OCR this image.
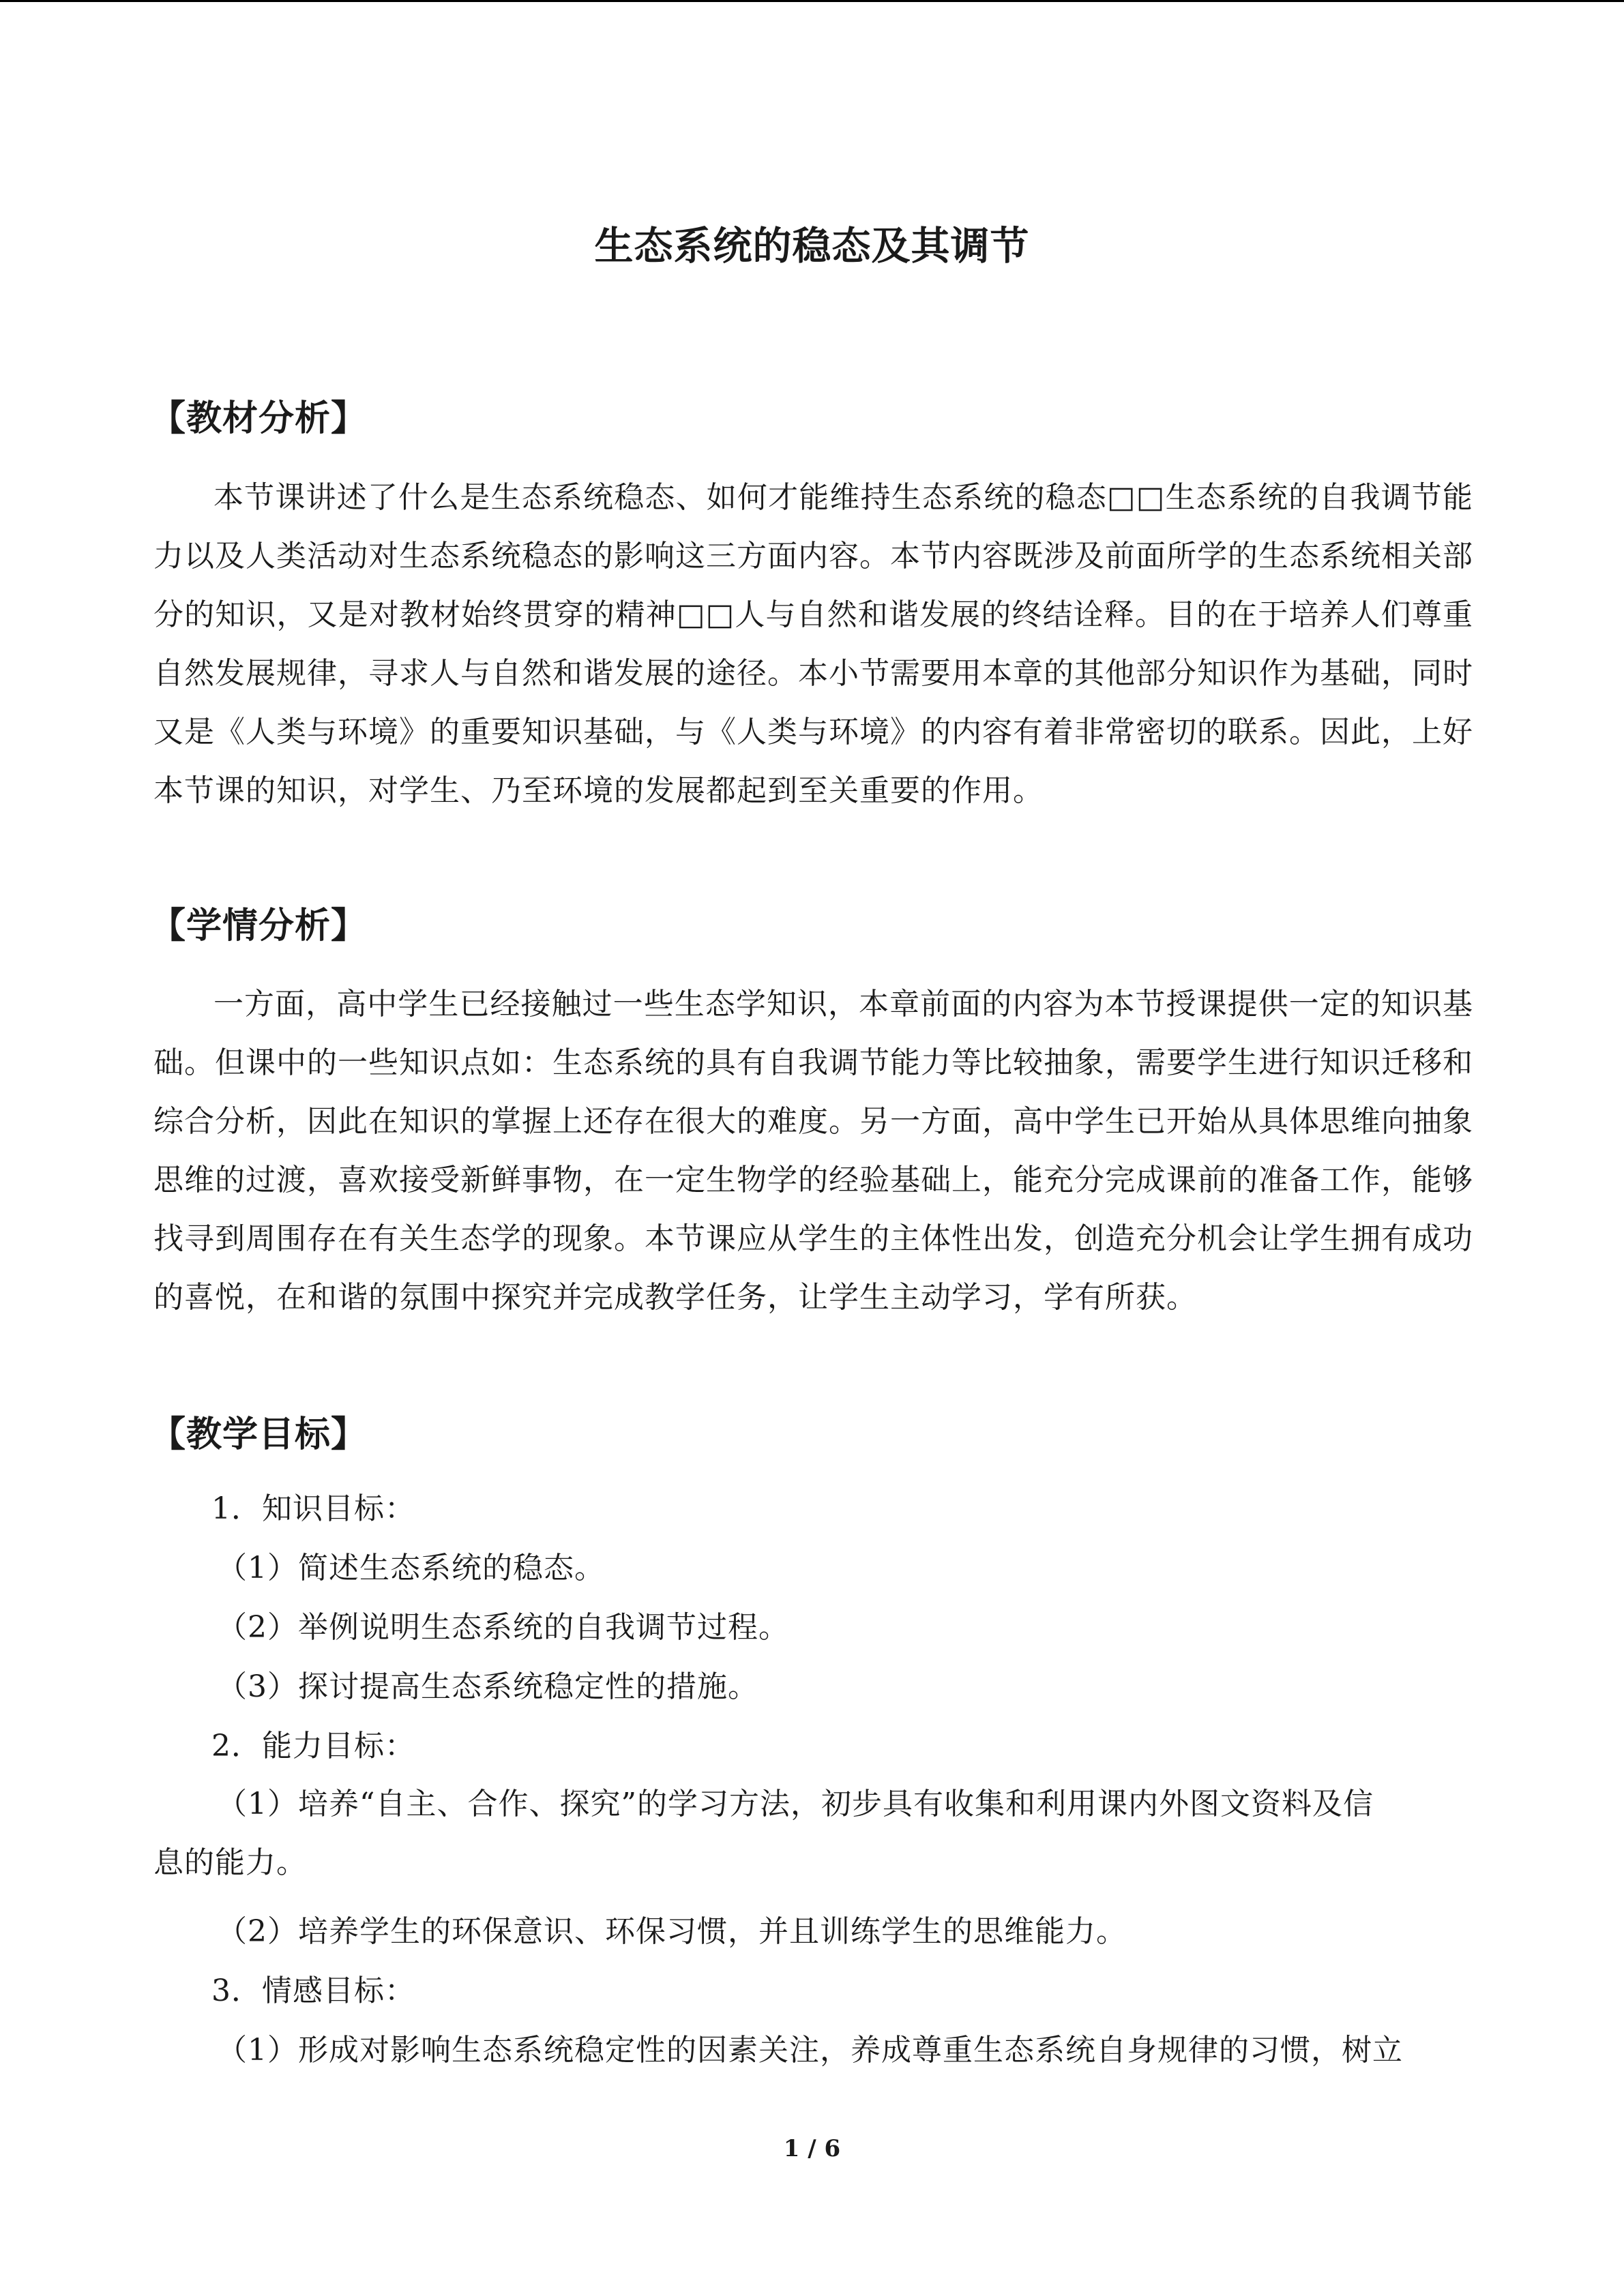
生态系统的稳态及其调节
【教材分析】
本节课讲述了什么是生态系统稳态、如何才能维持生态系统的稳态□□生态系统的自我调节能力以及人类活动对生态系统稳态的影响这三方面内容。本节内容既涉及前面所学的生态系统相关部分的知识，又是对教材始终贯穿的精神□□人与自然和谐发展的终结诠释。目的在于培养人们尊重自然发展规律，寻求人与自然和谐发展的途径。本小节需要用本章的其他部分知识作为基础，同时又是《人类与环境》的重要知识基础，与《人类与环境》的内容有着非常密切的联系。因此，上好本节课的知识，对学生、乃至环境的发展都起到至关重要的作用。
【学情分析】
一方面，高中学生已经接触过一些生态学知识，本章前面的内容为本节授课提供一定的知识基础。但课中的一些知识点如：生态系统的具有自我调节能力等比较抽象，需要学生进行知识迁移和综合分析，因此在知识的掌握上还存在很大的难度。另一方面，高中学生已开始从具体思维向抽象思维的过渡，喜欢接受新鲜事物，在一定生物学的经验基础上，能充分完成课前的准备工作，能够找寻到周围存在有关生态学的现象。本节课应从学生的主体性出发，创造充分机会让学生拥有成功的喜悦，在和谐的氛围中探究并完成教学任务，让学生主动学习，学有所获。
【教学目标】
1．知识目标：
（1）简述生态系统的稳态。
（2）举例说明生态系统的自我调节过程。
（3）探讨提高生态系统稳定性的措施。
2．能力目标：
（1）培养“自主、合作、探究”的学习方法，初步具有收集和利用课内外图文资料及信
息的能力。
（2）培养学生的环保意识、环保习惯，并且训练学生的思维能力。
3．情感目标：
（1）形成对影响生态系统稳定性的因素关注，养成尊重生态系统自身规律的习惯，树立
1 / 6
